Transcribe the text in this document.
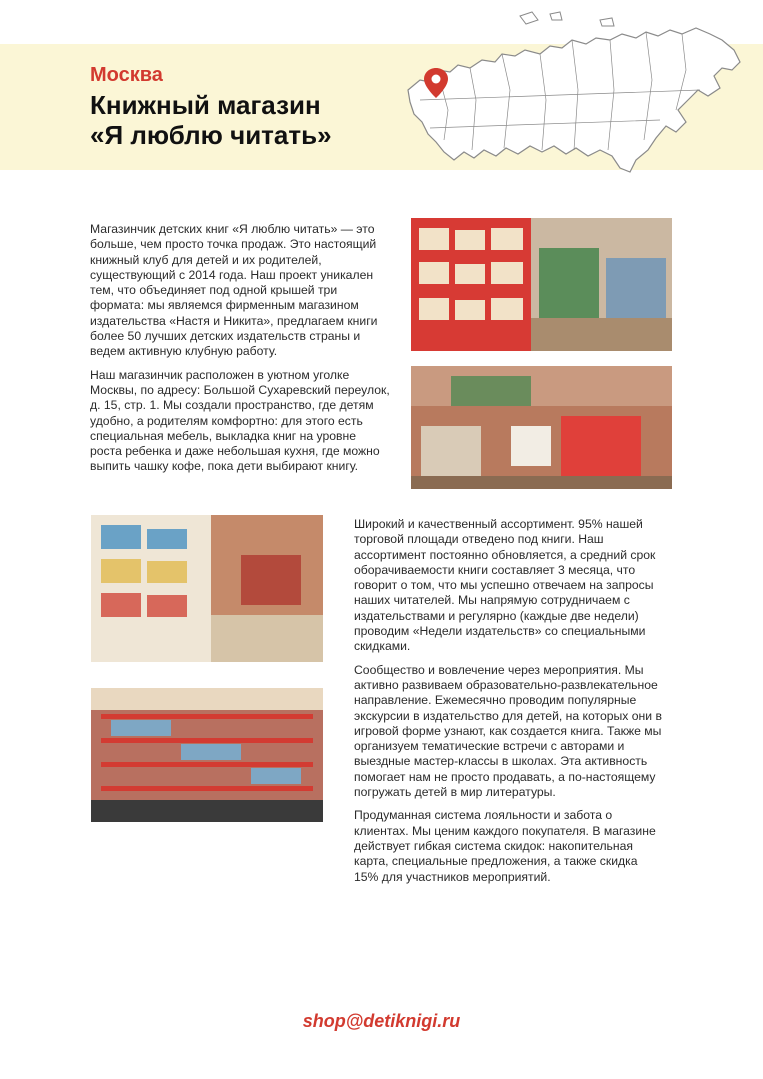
Москва
Книжный магазин
«Я люблю читать»

Магазинчик детских книг «Я люблю читать» — это больше, чем просто точка продаж. Это настоящий книжный клуб для детей и их родителей, существующий с 2014 года. Наш проект уникален тем, что объединяет под одной крышей три формата: мы являемся фирменным магазином издательства «Настя и Никита», предлагаем книги более 50 лучших детских издательств страны и ведем активную клубную работу.

Наш магазинчик расположен в уютном уголке Москвы, по адресу: Большой Сухаревский переулок, д. 15, стр. 1. Мы создали пространство, где детям удобно, а родителям комфортно: для этого есть специальная мебель, выкладка книг на уровне роста ребенка и даже небольшая кухня, где можно выпить чашку кофе, пока дети выбирают книгу.

Широкий и качественный ассортимент. 95% нашей торговой площади отведено под книги. Наш ассортимент постоянно обновляется, а средний срок оборачиваемости книги составляет 3 месяца, что говорит о том, что мы успешно отвечаем на запросы наших читателей. Мы напрямую сотрудничаем с издательствами и регулярно (каждые две недели) проводим «Недели издательств» со специальными скидками.

Сообщество и вовлечение через мероприятия. Мы активно развиваем образовательно-развлекательное направление. Ежемесячно проводим популярные экскурсии в издательство для детей, на которых они в игровой форме узнают, как создается книга. Также мы организуем тематические встречи с авторами и выездные мастер-классы в школах. Эта активность помогает нам не просто продавать, а по-настоящему погружать детей в мир литературы.

Продуманная система лояльности и забота о клиентах. Мы ценим каждого покупателя. В магазине действует гибкая система скидок: накопительная карта, специальные предложения, а также скидка 15% для участников мероприятий.

shop@detiknigi.ru
